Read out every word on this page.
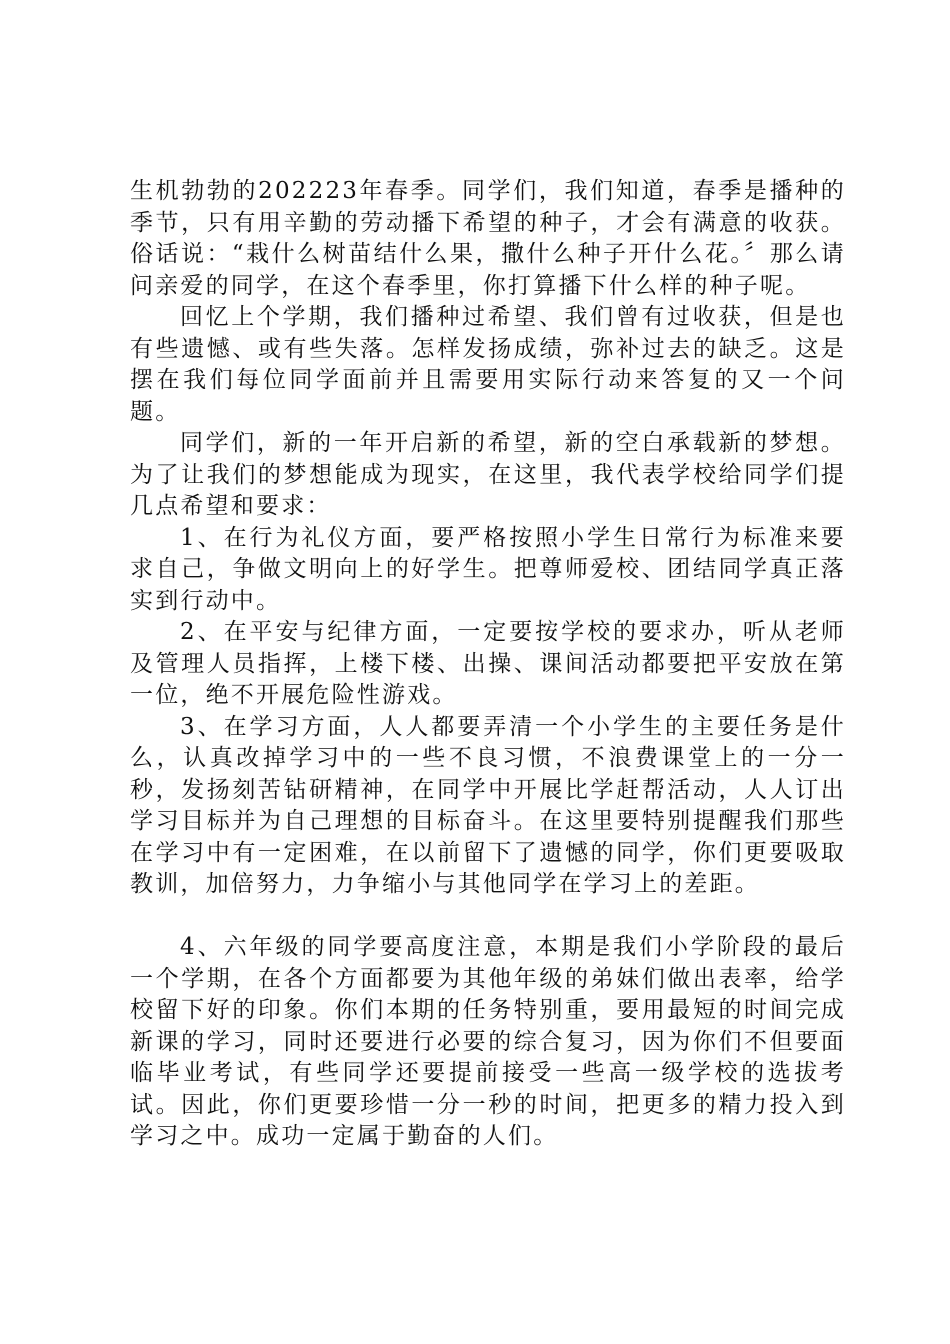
生机勃勃的202223年春季。同学们，我们知道，春季是播种的季节，只有用辛勤的劳动播下希望的种子，才会有满意的收获。俗话说：“栽什么树苗结什么果，撒什么种子开什么花。〞那么请问亲爱的同学，在这个春季里，你打算播下什么样的种子呢。

回忆上个学期，我们播种过希望、我们曾有过收获，但是也有些遗憾、或有些失落。怎样发扬成绩，弥补过去的缺乏。这是摆在我们每位同学面前并且需要用实际行动来答复的又一个问题。

同学们，新的一年开启新的希望，新的空白承载新的梦想。为了让我们的梦想能成为现实，在这里，我代表学校给同学们提几点希望和要求：

1、在行为礼仪方面，要严格按照小学生日常行为标准来要求自己，争做文明向上的好学生。把尊师爱校、团结同学真正落实到行动中。

2、在平安与纪律方面，一定要按学校的要求办，听从老师及管理人员指挥，上楼下楼、出操、课间活动都要把平安放在第一位，绝不开展危险性游戏。

3、在学习方面，人人都要弄清一个小学生的主要任务是什么，认真改掉学习中的一些不良习惯，不浪费课堂上的一分一秒，发扬刻苦钻研精神，在同学中开展比学赶帮活动，人人订出学习目标并为自己理想的目标奋斗。在这里要特别提醒我们那些在学习中有一定困难，在以前留下了遗憾的同学，你们更要吸取教训，加倍努力，力争缩小与其他同学在学习上的差距。

4、六年级的同学要高度注意，本期是我们小学阶段的最后一个学期，在各个方面都要为其他年级的弟妹们做出表率，给学校留下好的印象。你们本期的任务特别重，要用最短的时间完成新课的学习，同时还要进行必要的综合复习，因为你们不但要面临毕业考试，有些同学还要提前接受一些高一级学校的选拔考试。因此，你们更要珍惜一分一秒的时间，把更多的精力投入到学习之中。成功一定属于勤奋的人们。
